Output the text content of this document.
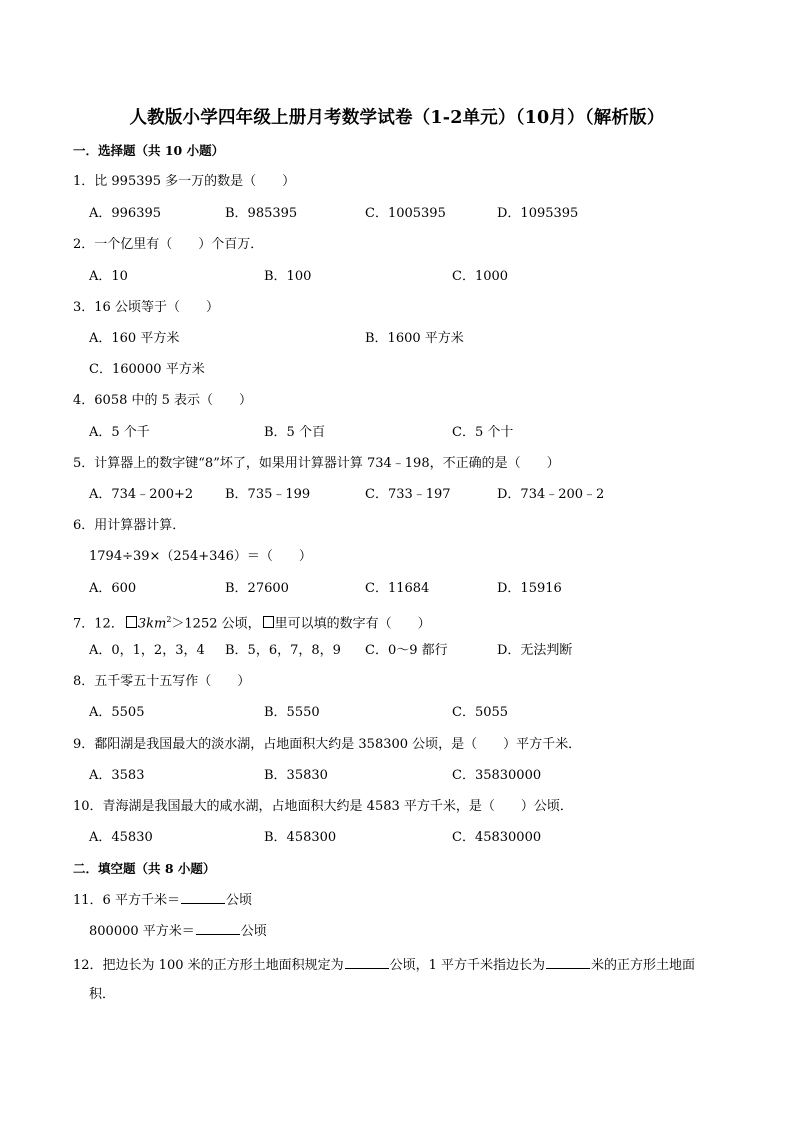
人教版小学四年级上册月考数学试卷（1-2单元）（10月）（解析版）
一．选择题（共 10 小题）
1．比 995395 多一万的数是（　　）
A．996395	B．985395	C．1005395	D．1095395
2．一个亿里有（　　）个百万．
A．10	B．100	C．1000
3．16 公顷等于（　　）
A．160 平方米	B．1600 平方米
C．160000 平方米
4．6058 中的 5 表示（　　）
A．5 个千	B．5 个百	C．5 个十
5．计算器上的数字键“8”坏了，如果用计算器计算 734﹣198，不正确的是（　　）
A．734﹣200+2 B．735﹣199	C．733﹣197	D．734﹣200﹣2
6．用计算器计算．
1794÷39×（254+346）＝（　　）
A．600	B．27600	C．11684	D．15916
7．12． $3km^2>1252$ 公顷， 里可以填的数字有（　　）
A．0，1，2，3，4 B．5，6，7，8，9 C．0～9 都行	D．无法判断
8．五千零五十五写作（　　）
A．5505	B．5550	C．5055
9．鄱阳湖是我国最大的淡水湖，占地面积大约是 358300 公顷，是（　　）平方千米．
A．3583	B．35830	C．35830000
10．青海湖是我国最大的咸水湖，占地面积大约是 4583 平方千米，是（　　）公顷．
A．45830	B．458300	C．45830000
二．填空题（共 8 小题）
11．6 平方千米＝	公顷
800000 平方米＝	公顷
12．把边长为 100 米的正方形土地面积规定为	公顷，1 平方千米指边长为	米的正方形土地面
积．
